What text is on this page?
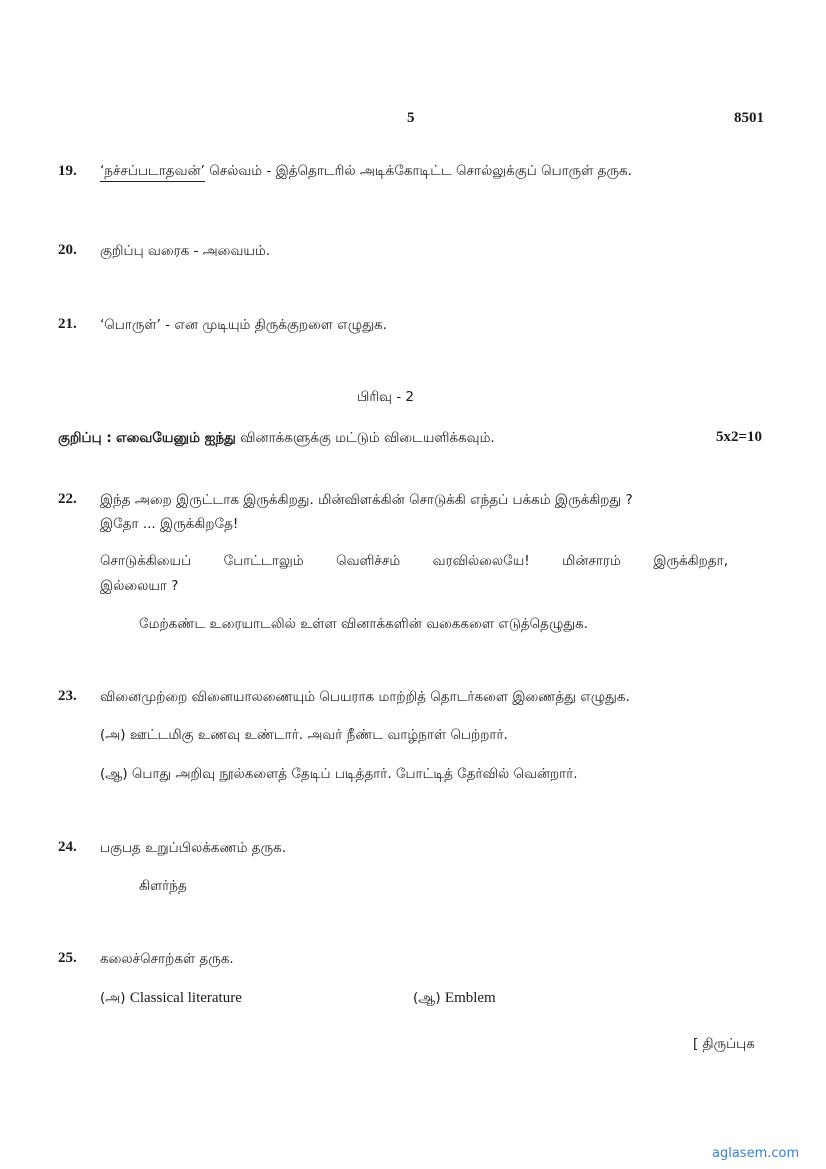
5	8501
19.	‘நச்சப்படாதவன்’ செல்வம் - இத்தொடரில் அடிக்கோடிட்ட சொல்லுக்குப் பொருள் தருக.
20.	குறிப்பு வரைக - அவையம்.
21.	‘பொருள்’ - என முடியும் திருக்குறளை எழுதுக.
பிரிவு - 2
குறிப்பு : எவையேனும் ஐந்து வினாக்களுக்கு மட்டும் விடையளிக்கவும்.	5x2=10
22.	இந்த அறை இருட்டாக இருக்கிறது. மின்விளக்கின் சொடுக்கி எந்தப் பக்கம் இருக்கிறது ?
இதோ ... இருக்கிறதே!
சொடுக்கியைப் போட்டாலும் வெளிச்சம் வரவில்லையே! மின்சாரம் இருக்கிறதா,
இல்லையா ?
மேற்கண்ட உரையாடலில் உள்ள வினாக்களின் வகைகளை எடுத்தெழுதுக.
23.	வினைமுற்றை வினையாலணையும் பெயராக மாற்றித் தொடர்களை இணைத்து எழுதுக.
(அ) ஊட்டமிகு உணவு உண்டார். அவர் நீண்ட வாழ்நாள் பெற்றார்.
(ஆ) பொது அறிவு நூல்களைத் தேடிப் படித்தார். போட்டித் தேர்வில் வென்றார்.
24.	பகுபத உறுப்பிலக்கணம் தருக.
கிளர்ந்த
25.	கலைச்சொற்கள் தருக.
(அ) Classical literature	(ஆ) Emblem
[ திருப்புக
aglasem.com
